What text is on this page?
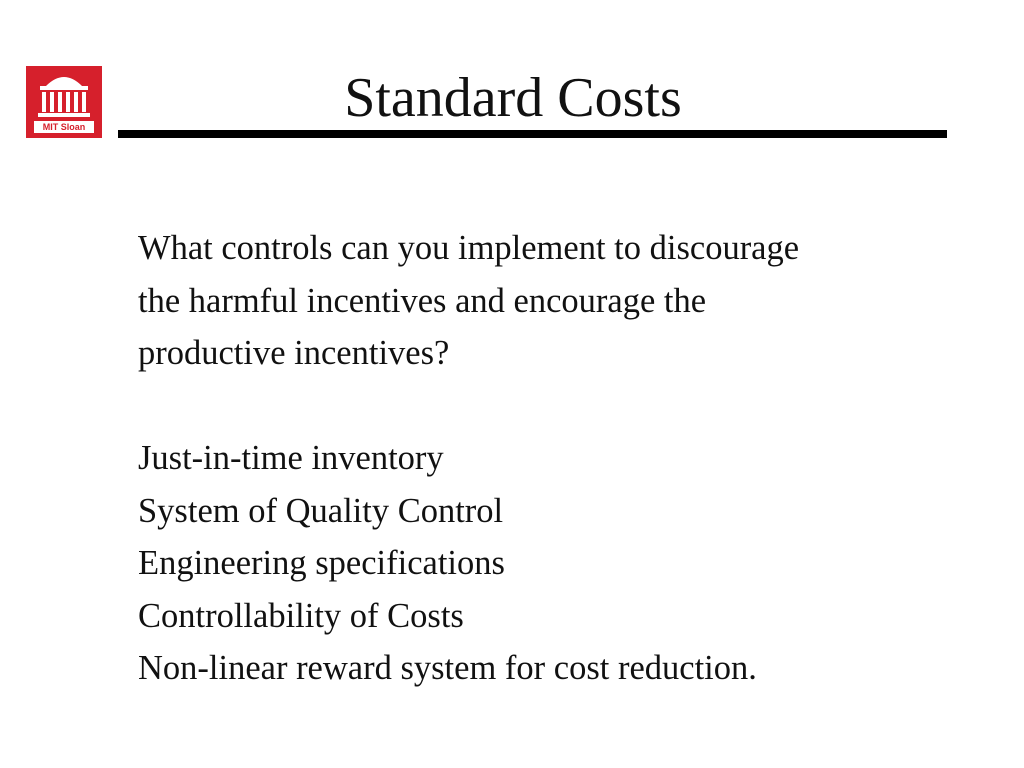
MIT Sloan	Standard Costs

What controls can you implement to discourage

the harmful incentives and encourage the

productive incentives?

Just-in-time inventory

System of Quality Control

Engineering specifications

Controllability of Costs

Non-linear reward system for cost reduction.
